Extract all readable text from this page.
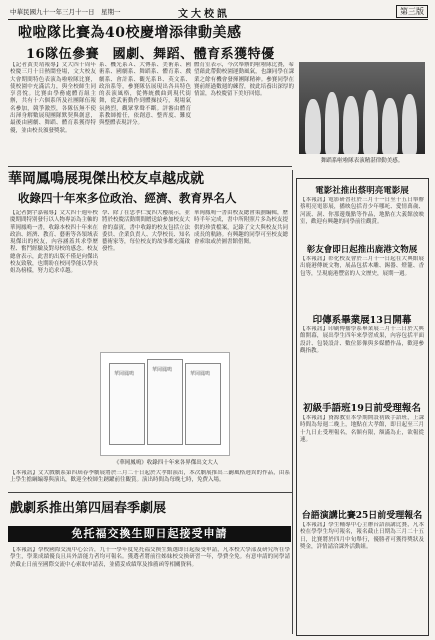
中華民國九十一年三月十一日　星期一	文大校訊	第三版
啦啦隊比賽為40校慶增添律動美感
16隊伍參賽　國劇、舞蹈、體育系獲特優
【記者黃美靖報導】文大四十周年校慶三月十日熱鬧登場，文大校友大會期間特色表演為啦啦隊比賽，使校園中充滿活力，與全校師生同享喜悅。比賽由學務處體育組主辦，共有十六個系所及社團隊伍報名參加，競爭激烈，各隊伍無不使出渾身解數展現團隊默契與創意，最後由國劇、舞蹈、體育系獲得特優，並由校長頒發獎狀。
系、機光系Ａ、大傳系、美術系、國術系、國劇系、舞蹈系、體育系、戲劇系、會計系、觀光系Ｂ、英文系、政治系等，參賽隊伍展現出各具特色的表演風格，從傳統戲曲到現代街舞，從武術動作到體操技巧，現場氣氛熱烈，觀眾掌聲不斷。評審由體育系教師擔任，依創意、整齊度、難度與整體表現評分。
體育室表示，今次舉辦的啦啦隊比賽，希望藉此帶動校園運動風氣，也讓同學在課業之餘有機會發揮團隊精神。參賽同學在賽前經過數週的練習，彼此培養出深厚的情誼，為校慶留下美好回憶。
舞蹈系啦啦隊表演精湛律動美感。
華岡鳳鳴展現傑出校友卓越成就
收錄四十年來多位政治、經濟、教育界名人
【記者劉宇嘉報導】文大四十週年校慶期間特別發行以人物專訪為主軸的華岡鳳鳴一書，收錄本校四十年來在政治、經濟、教育、藝術等各領域表現傑出的校友，內容涵蓋其求學歷程、奮鬥經驗及對母校的感念。校友總會表示，此書的出版不僅是向傑出校友致敬，也期盼在校同學能以學長姐為榜樣，努力追求卓越。
學、除了在忠孝仁愛四大樓展示，並將於校慶活動期間贈送給參加校友大會的嘉賓，書中收錄的校友包括立法委員、企業負責人、大學校長、知名藝術家等，每位校友的故事都充滿啟發性。
華岡鳳鳴一書由校友總會策劃編輯，歷時半年完成，書中所附照片多為校友提供的珍貴檔案，記錄了文大與校友共同成長的軌跡。有興趣的同學可至校友總會索取或於圖書館借閱。
華岡鳳鳴
華岡鳳鳴
華岡鳳鳴
《華岡鳳鳴》收錄四十年來各界傑出文大人
戲劇系推出第四屆春季劇展
【本報訊】文大戲劇系第四屆春季劇展將於三月二十日起於大孝館演出，本次劇展推出三齣風格迥異的作品，由系上學生擔綱編導與演出，歡迎全校師生踴躍前往觀賞。演出時間為每晚七時，免費入場。
免托福交換生即日起接受申請
【本報訊】學校國際交流中心公告，九十一學年度免托福交換生甄選即日起接受申請，凡本校大學部及研究所在學學生，學業成績優良且具外語能力者均可報名。獲選者將前往姊妹校交換研習一年，學費全免。有意申請的同學請於截止日前至國際交流中心索取申請表，並備妥成績單及推薦函等相關資料。
電影社推出蔡明亮電影展
【本報訊】電影研習社於三月十一日至十五日舉辦蔡明亮電影展，播映包括青少年哪吒、愛情萬歲、河流、洞、你那邊幾點等作品，地點在大義館放映室，歡迎有興趣的同學前往觀賞。
彰友會即日起推出鹿港文物展
【本報訊】彰化校友會於三月十一日起在大典館展出鹿港傳統文物，展品包括木雕、錫器、燈籠、香包等，呈現鹿港豐富的人文歷史，展期一週。
印傳系畢業展13日開幕
【本報訊】印刷傳播學系畢業展三月十三日於大典館開幕，展出學生四年來學習成果，內容包括平面設計、包裝設計、數位影像與多媒體作品，歡迎參觀指教。
初級手語班19日前受理報名
【本報訊】資源教室本學期開設初級手語班，上課時間為每週二晚上，地點在大孝館，即日起至三月十九日止受理報名，名額有限，額滿為止，欲報從速。
台語演講比賽25日前受理報名
【本報訊】學生輔導中心主辦台語演講比賽，凡本校在學學生均可報名，報名截止日期為三月二十五日，比賽將於四月中旬舉行，優勝者可獲得獎狀及獎金，詳情請洽課外活動組。
